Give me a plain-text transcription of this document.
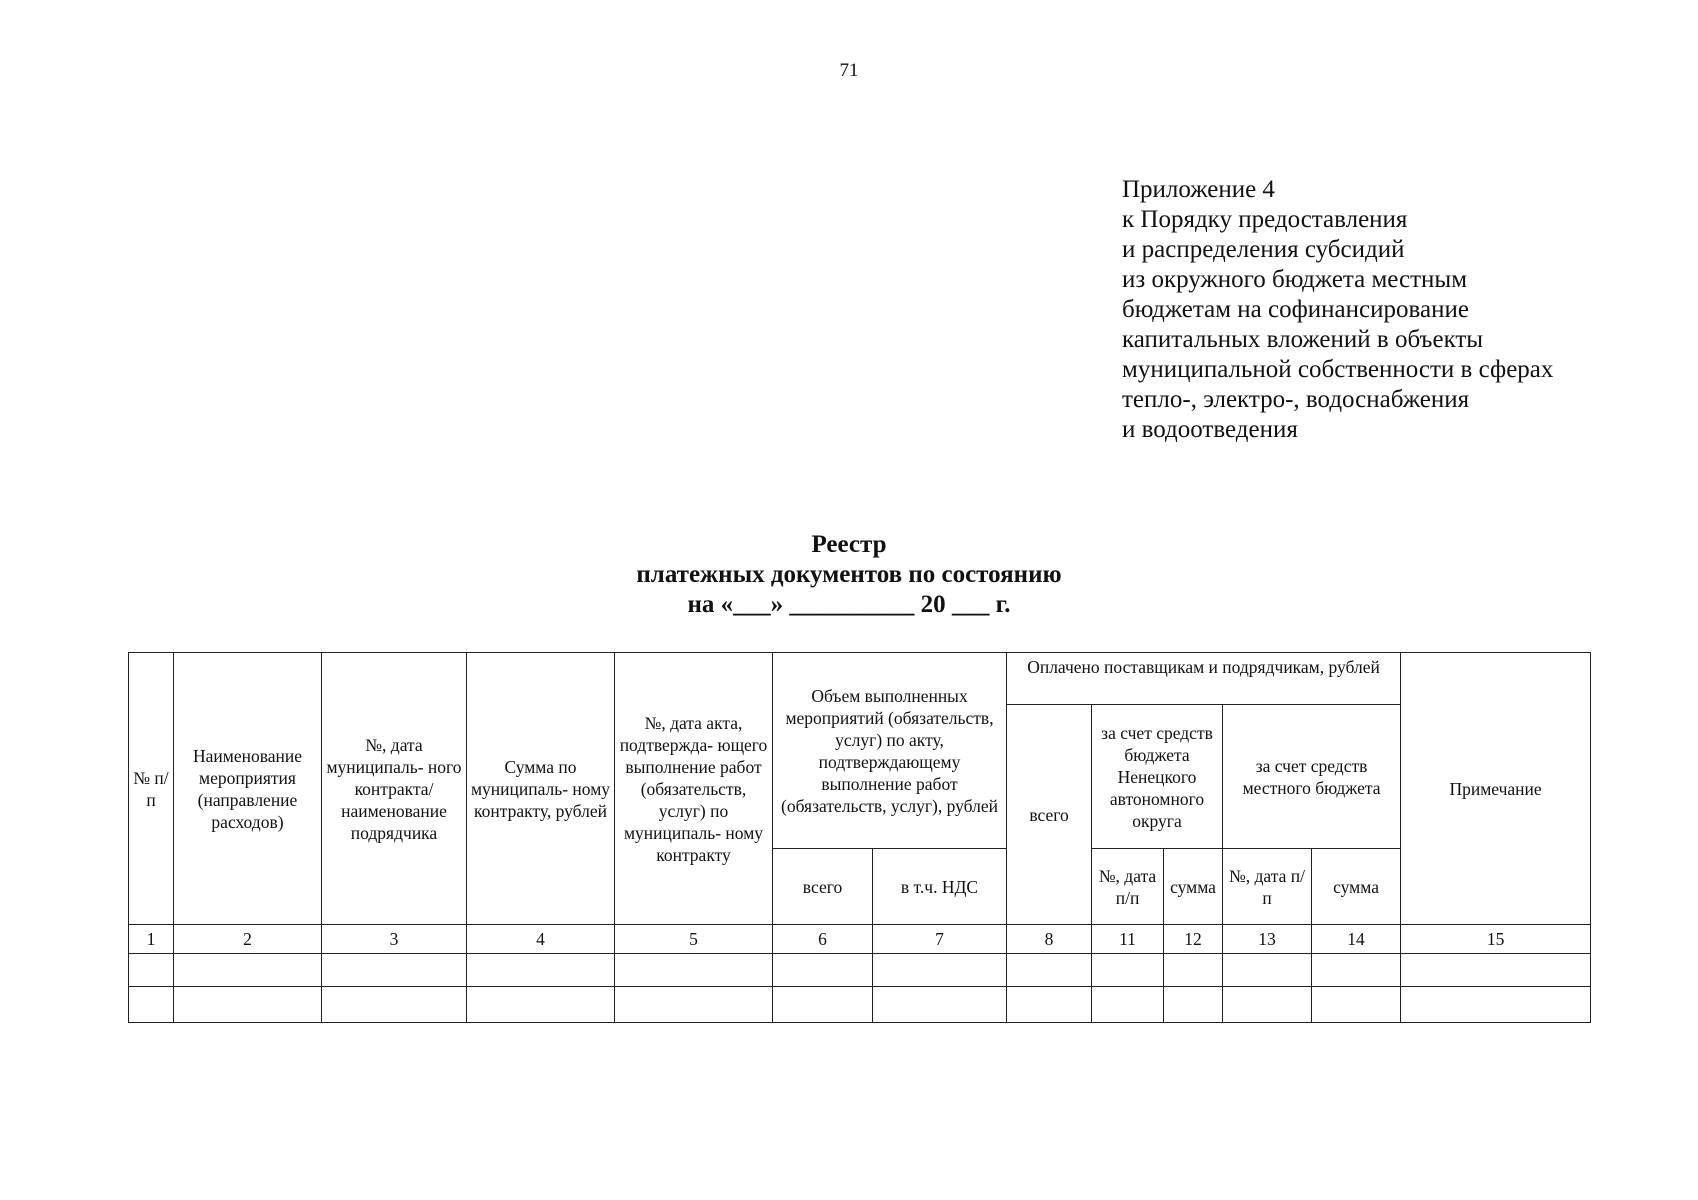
71
Приложение 4
к Порядку предоставления
и распределения субсидий
из окружного бюджета местным
бюджетам на софинансирование
капитальных вложений в объекты
муниципальной собственности в сферах
тепло-, электро-, водоснабжения
и водоотведения
Реестр
платежных документов по состоянию
на «___» __________ 20 ___ г.
№ п/п	Наименование мероприятия (направление расходов)	№, дата муниципаль- ного контракта/ наименование подрядчика	Сумма по муниципаль- ному контракту, рублей	№, дата акта, подтвержда- ющего выполнение работ (обязательств, услуг) по муниципаль- ному контракту	Объем выполненных мероприятий (обязательств, услуг) по акту, подтверждающему выполнение работ (обязательств, услуг), рублей		Оплачено поставщикам и подрядчикам, рублей					Примечание
							всего	за счет средств бюджета Ненецкого автономного округа		за счет средств местного бюджета		
					всего	в т.ч. НДС		№, дата п/п	сумма	№, дата п/п	сумма	
1	2	3	4	5	6	7	8	11	12	13	14	15
